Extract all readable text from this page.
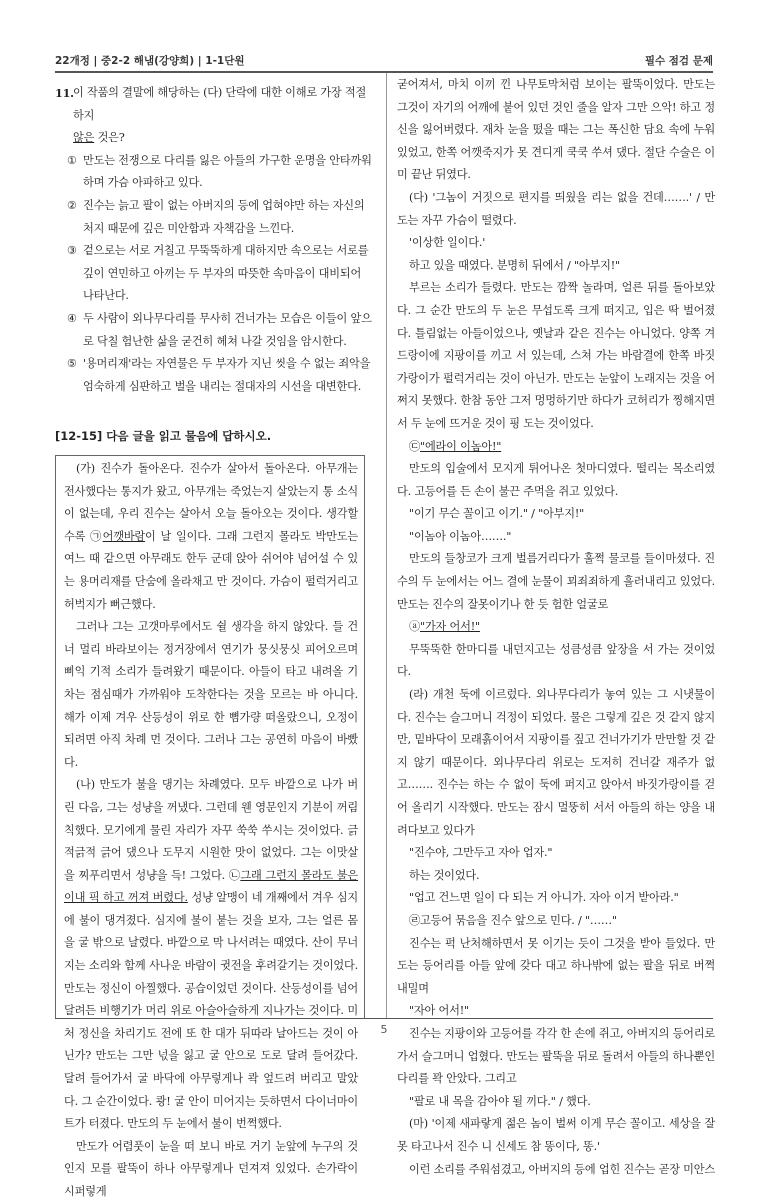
22개정 | 중2-2 해냄(강양희) | 1-1단원	필수 점검 문제
11. 이 작품의 결말에 해당하는 (다) 단락에 대한 이해로 가장 적절하지
않은 것은?
① 만도는 전쟁으로 다리를 잃은 아들의 가구한 운명을 안타까워 하며 가슴 아파하고 있다.
② 진수는 늙고 팔이 없는 아버지의 등에 업혀야만 하는 자신의 처지 때문에 깊은 미안함과 자책감을 느낀다.
③ 겉으로는 서로 거칠고 무뚝뚝하게 대하지만 속으로는 서로를 깊이 연민하고 아끼는 두 부자의 따뜻한 속마음이 대비되어 나타난다.
④ 두 사람이 외나무다리를 무사히 건너가는 모습은 이들이 앞으로 닥칠 험난한 삶을 굳건히 헤쳐 나갈 것임을 암시한다.
⑤ '용머리재'라는 자연물은 두 부자가 지닌 씻을 수 없는 죄악을 엄숙하게 심판하고 벌을 내리는 절대자의 시선을 대변한다.
[12-15] 다음 글을 읽고 물음에 답하시오.

(가) 진수가 돌아온다. 진수가 살아서 돌아온다. 아무개는 전사했다는 통지가 왔고, 아무개는 죽었는지 살았는지 통 소식이 없는데, 우리 진수는 살아서 오늘 돌아오는 것이다. 생각할수록 ㉠어깻바람이 날 일이다. 그래 그런지 몰라도 박만도는 여느 때 같으면 아무래도 한두 군데 앉아 쉬어야 넘어설 수 있는 용머리재를 단숨에 올라채고 만 것이다. 가슴이 펄럭거리고 허벅지가 뻐근했다.

그러나 그는 고갯마루에서도 쉴 생각을 하지 않았다. 들 건너 멀리 바라보이는 정거장에서 연기가 뭉싯뭉싯 피어오르며 삐익 기적 소리가 들려왔기 때문이다. 아들이 타고 내려올 기차는 점심때가 가까워야 도착한다는 것을 모르는 바 아니다. 해가 이제 겨우 산등성이 위로 한 뼘가량 떠올랐으니, 오정이 되려면 아직 차례 먼 것이다. 그러나 그는 공연히 마음이 바빴다.

(나) 만도가 불을 댕기는 차례였다. 모두 바깥으로 나가 버린 다음, 그는 성냥을 꺼냈다. 그런데 웬 영문인지 기분이 꺼림칙했다. 모기에게 물린 자리가 자꾸 쑥쑥 쑤시는 것이었다. 긁적긁적 긁어 댔으나 도무지 시원한 맛이 없었다. 그는 이맛살을 찌푸리면서 성냥을 득! 그었다. ㉡그래 그런지 몰라도 불은 이내 픽 하고 꺼져 버렸다. 성냥 알맹이 네 개째에서 겨우 심지에 불이 댕겨졌다. 심지에 불이 붙는 것을 보자, 그는 얼른 몸을 굴 밖으로 날렸다. 바깥으로 막 나서려는 때였다. 산이 무너지는 소리와 함께 사나운 바람이 귓전을 후려갈기는 것이었다. 만도는 정신이 아찔했다. 공습이었던 것이다. 산등성이를 넘어 달려든 비행기가 머리 위로 아슬아슬하게 지나가는 것이다. 미처 정신을 차리기도 전에 또 한 대가 뒤따라 날아드는 것이 아닌가? 만도는 그만 넋을 잃고 굴 안으로 도로 달려 들어갔다. 달려 들어가서 굴 바닥에 아무렇게나 콱 엎드려 버리고 말았다. 그 순간이었다. 쾅! 굴 안이 미어지는 듯하면서 다이너마이트가 터졌다. 만도의 두 눈에서 불이 번쩍했다.

만도가 어렴풋이 눈을 떠 보니 바로 거기 눈앞에 누구의 것인지 모를 팔뚝이 하나 아무렇게나 던져져 있었다. 손가락이 시퍼렇게

굳어져서, 마치 이끼 낀 나무토막처럼 보이는 팔뚝이었다. 만도는 그것이 자기의 어깨에 붙어 있던 것인 줄을 알자 그만 으악! 하고 정신을 잃어버렸다. 재차 눈을 떴을 때는 그는 폭신한 담요 속에 누워 있었고, 한쪽 어깻죽지가 못 견디게 쿡쿡 쑤셔 댔다. 절단 수술은 이미 끝난 뒤였다.

(다) '그놈이 거짓으로 편지를 띄웠을 리는 없을 건데…….' / 만도는 자꾸 가슴이 떨렸다.

'이상한 일이다.'

하고 있을 때였다. 분명히 뒤에서 / "아부지!"

부르는 소리가 들렸다. 만도는 깜짝 놀라며, 얼른 뒤를 돌아보았다. 그 순간 만도의 두 눈은 무섭도록 크게 떠지고, 입은 딱 벌어졌다. 틀림없는 아들이었으나, 옛날과 같은 진수는 아니었다. 양쪽 겨드랑이에 지팡이를 끼고 서 있는데, 스쳐 가는 바람결에 한쪽 바짓가랑이가 펄럭거리는 것이 아닌가. 만도는 눈앞이 노래지는 것을 어쩌지 못했다. 한참 동안 그저 멍멍하기만 하다가 코허리가 찡해지면서 두 눈에 뜨거운 것이 핑 도는 것이었다.

㉢"에라이 이놈아!"

만도의 입술에서 모지게 튀어나온 첫마디였다. 떨리는 목소리였다. 고등어를 든 손이 불끈 주먹을 쥐고 있었다.

"이기 무슨 꼴이고 이기." / "아부지!"

"이놈아 이놈아……."

만도의 들창코가 크게 벌름거리다가 훌쩍 물코를 들이마셨다. 진수의 두 눈에서는 어느 결에 눈물이 꾀죄죄하게 흘러내리고 있었다. 만도는 진수의 잘못이기나 한 듯 험한 얼굴로

ⓐ"가자 어서!"

무뚝뚝한 한마디를 내던지고는 성큼성큼 앞장을 서 가는 것이었다.

(라) 개천 둑에 이르렀다. 외나무다리가 놓여 있는 그 시냇물이다. 진수는 슬그머니 걱정이 되었다. 물은 그렇게 깊은 것 같지 않지만, 밑바닥이 모래흙이어서 지팡이를 짚고 건너가기가 만만할 것 같지 않기 때문이다. 외나무다리 위로는 도저히 건너갈 재주가 없고……. 진수는 하는 수 없이 둑에 퍼지고 앉아서 바짓가랑이를 걷어 올리기 시작했다. 만도는 잠시 멀뚱히 서서 아들의 하는 양을 내려다보고 있다가

"진수야, 그만두고 자아 업자."

하는 것이었다.

"업고 건느면 일이 다 되는 거 아니가. 자아 이거 받아라."

㉣고등어 묶음을 진수 앞으로 민다. / "……"

진수는 퍽 난처해하면서 못 이기는 듯이 그것을 받아 들었다. 만도는 등어리를 아들 앞에 갖다 대고 하나밖에 없는 팔을 뒤로 버쩍 내밀며

"자아 어서!"

진수는 지팡이와 고등어를 각각 한 손에 쥐고, 아버지의 등어리로 가서 슬그머니 업혔다. 만도는 팔뚝을 뒤로 돌려서 아들의 하나뿐인 다리를 꽉 안았다. 그리고

"팔로 내 목을 감아야 될 끼다." / 했다.

(마) '이제 새파랗게 젊은 놈이 벌써 이게 무슨 꼴이고. 세상을 잘못 타고나서 진수 니 신세도 참 똥이다, 똥.'

이런 소리를 주워섬겼고, 아버지의 등에 업힌 진수는 곧장 미안스

5
